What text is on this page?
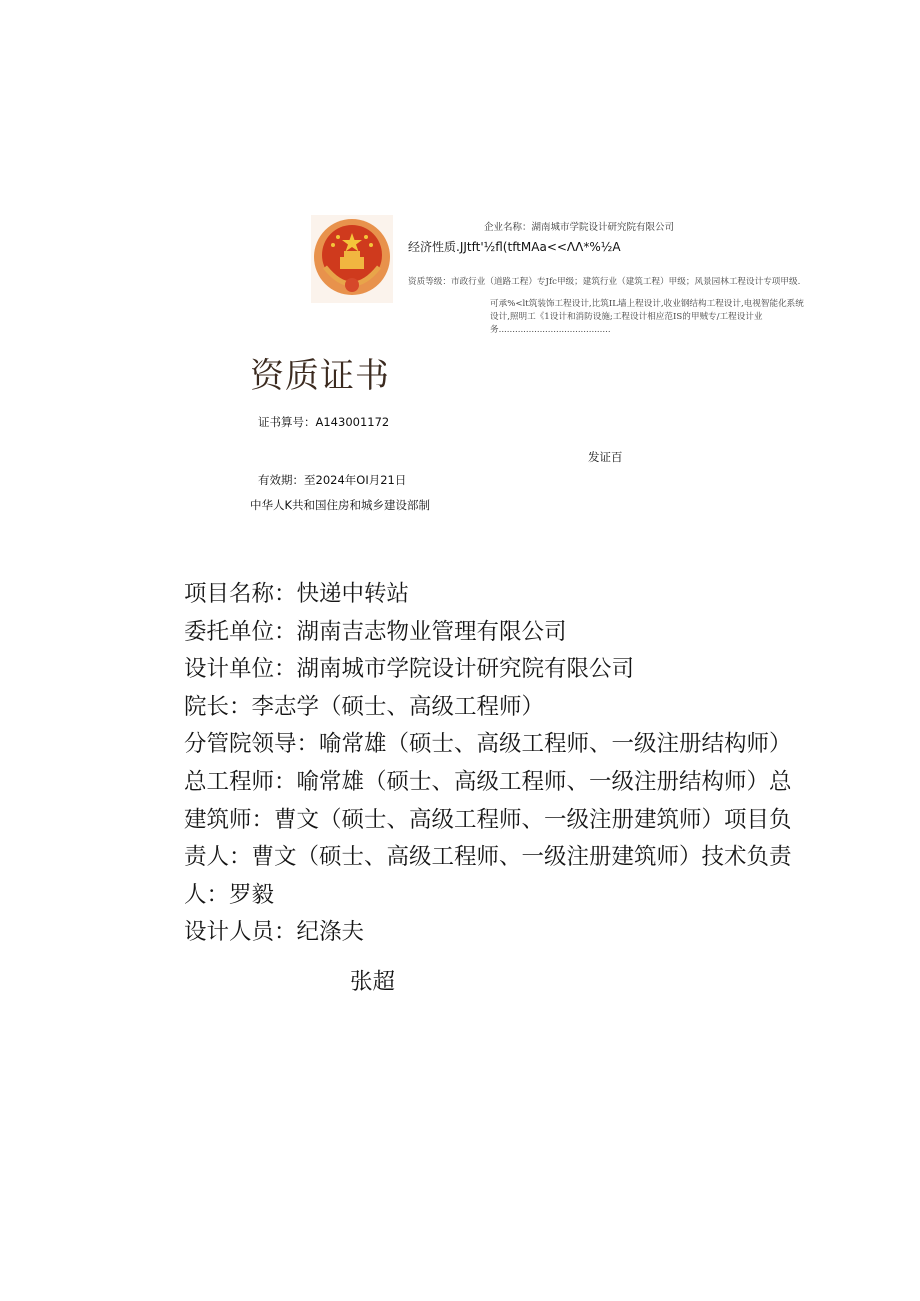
企业名称：湖南城市学院设计研究院有限公司
经济性质.JJtft'½fl(tftMAa<<ΛΛ*%½A
资质等级：市政行业（道路工程）专Jfc甲级；建筑行业（建筑工程）甲级；风景园林工程设计专项甲级.
可承%<lt筑装饰工程设计,比筑IL墙上程设计,收业钢结构工程设计,电视智能化系统设计,照明工《1设计和消防设施;工程设计相应范IS的甲贼专/工程设计业务.........................................
资质证书
证书算号：A143001172
发证百
有效期：至2024年OI月21日
中华人K共和国住房和城乡建设部制

项目名称：快递中转站

委托单位：湖南吉志物业管理有限公司

设计单位：湖南城市学院设计研究院有限公司

院长：李志学（硕士、高级工程师）

分管院领导：喻常雄（硕士、高级工程师、一级注册结构师）

总工程师：喻常雄（硕士、高级工程师、一级注册结构师）总

建筑师：曹文（硕士、高级工程师、一级注册建筑师）项目负

责人：曹文（硕士、高级工程师、一级注册建筑师）技术负责

人：罗毅

设计人员：纪涤夫

张超
